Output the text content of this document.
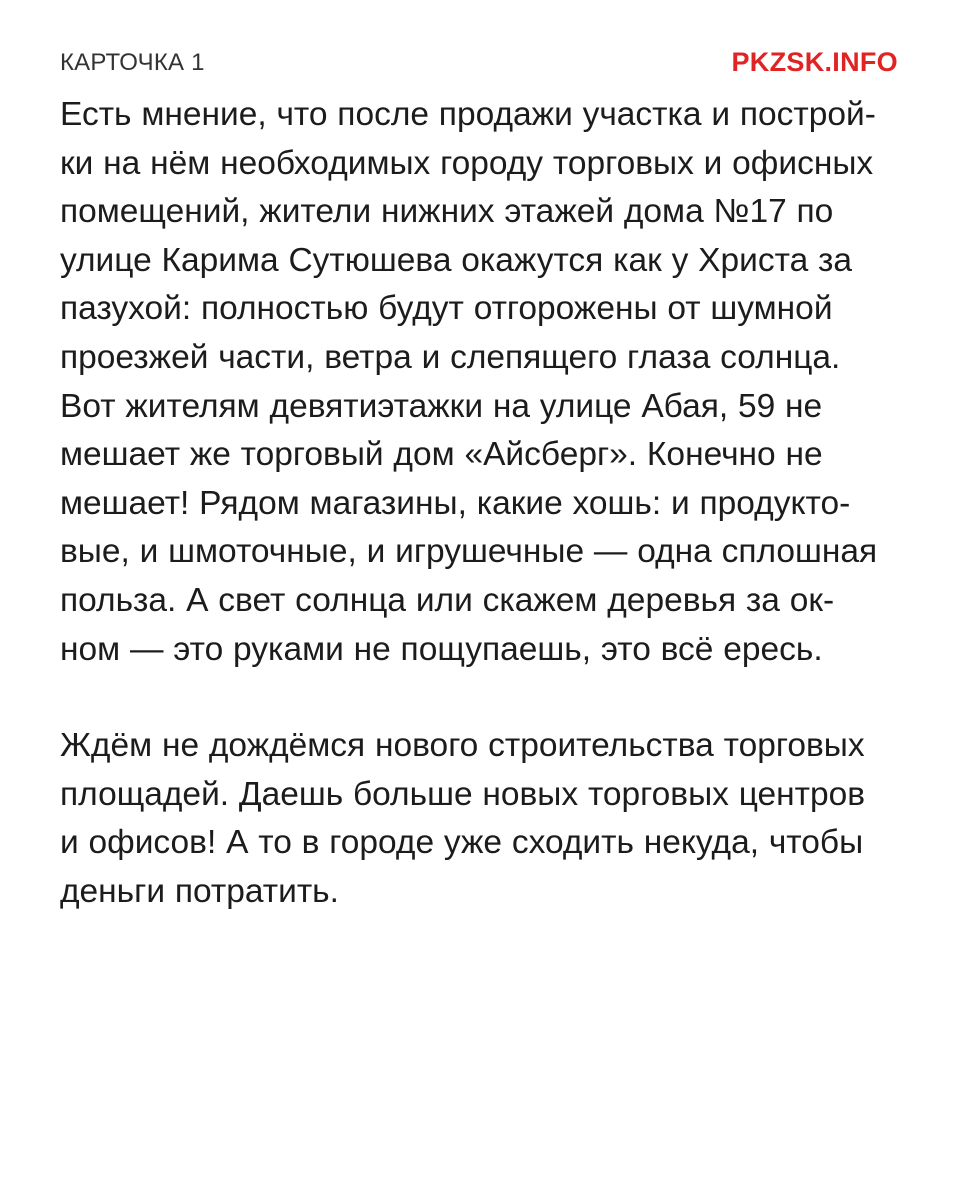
КАРТОЧКА 1	PKZSK.INFO

Есть мнение, что после продажи участка и построй-
ки на нём необходимых городу торговых и офисных
помещений, жители нижних этажей дома №17 по
улице Карима Сутюшева окажутся как у Христа за
пазухой: полностью будут отгорожены от шумной
проезжей части, ветра и слепящего глаза солнца.
Вот жителям девятиэтажки на улице Абая, 59 не
мешает же торговый дом «Айсберг». Конечно не
мешает! Рядом магазины, какие хошь: и продукто-
вые, и шмоточные, и игрушечные — одна сплошная
польза. А свет солнца или скажем деревья за ок-
ном — это руками не пощупаешь, это всё ересь.

Ждём не дождёмся нового строительства торговых
площадей. Даешь больше новых торговых центров
и офисов! А то в городе уже сходить некуда, чтобы
деньги потратить.
